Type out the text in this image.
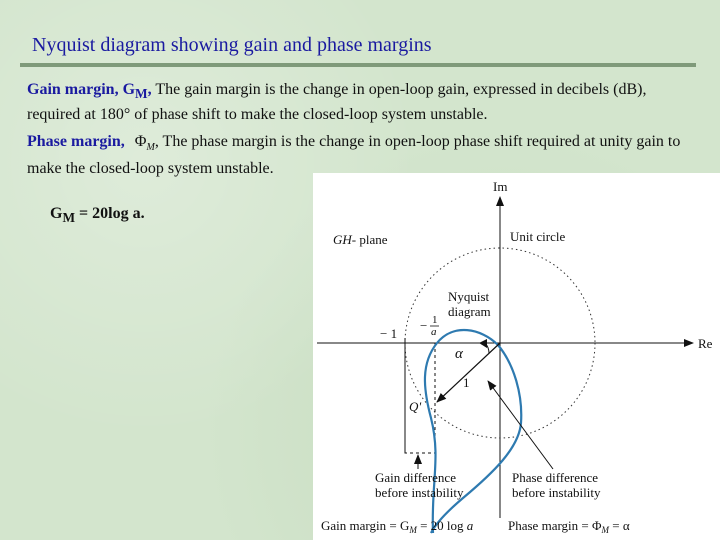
Nyquist diagram showing gain and phase margins
Gain margin, $G_M$, The gain margin is the change in open-loop gain, expressed in decibels (dB), required at 180° of phase shift to make the closed-loop system unstable.
Phase margin, $\Phi_M$, The phase margin is the change in open-loop phase shift required at unity gain to make the closed-loop system unstable.
$G_M = 20\log$ a.
Im
Re
GH- plane	Unit circle
Nyquist
diagram
− 1
− 1
a
α
1
Q'
Gain difference
before instability
Phase difference
before instability
Gain margin = $G_M = 20$ log a	Phase margin = $\Phi_M = \alpha$
